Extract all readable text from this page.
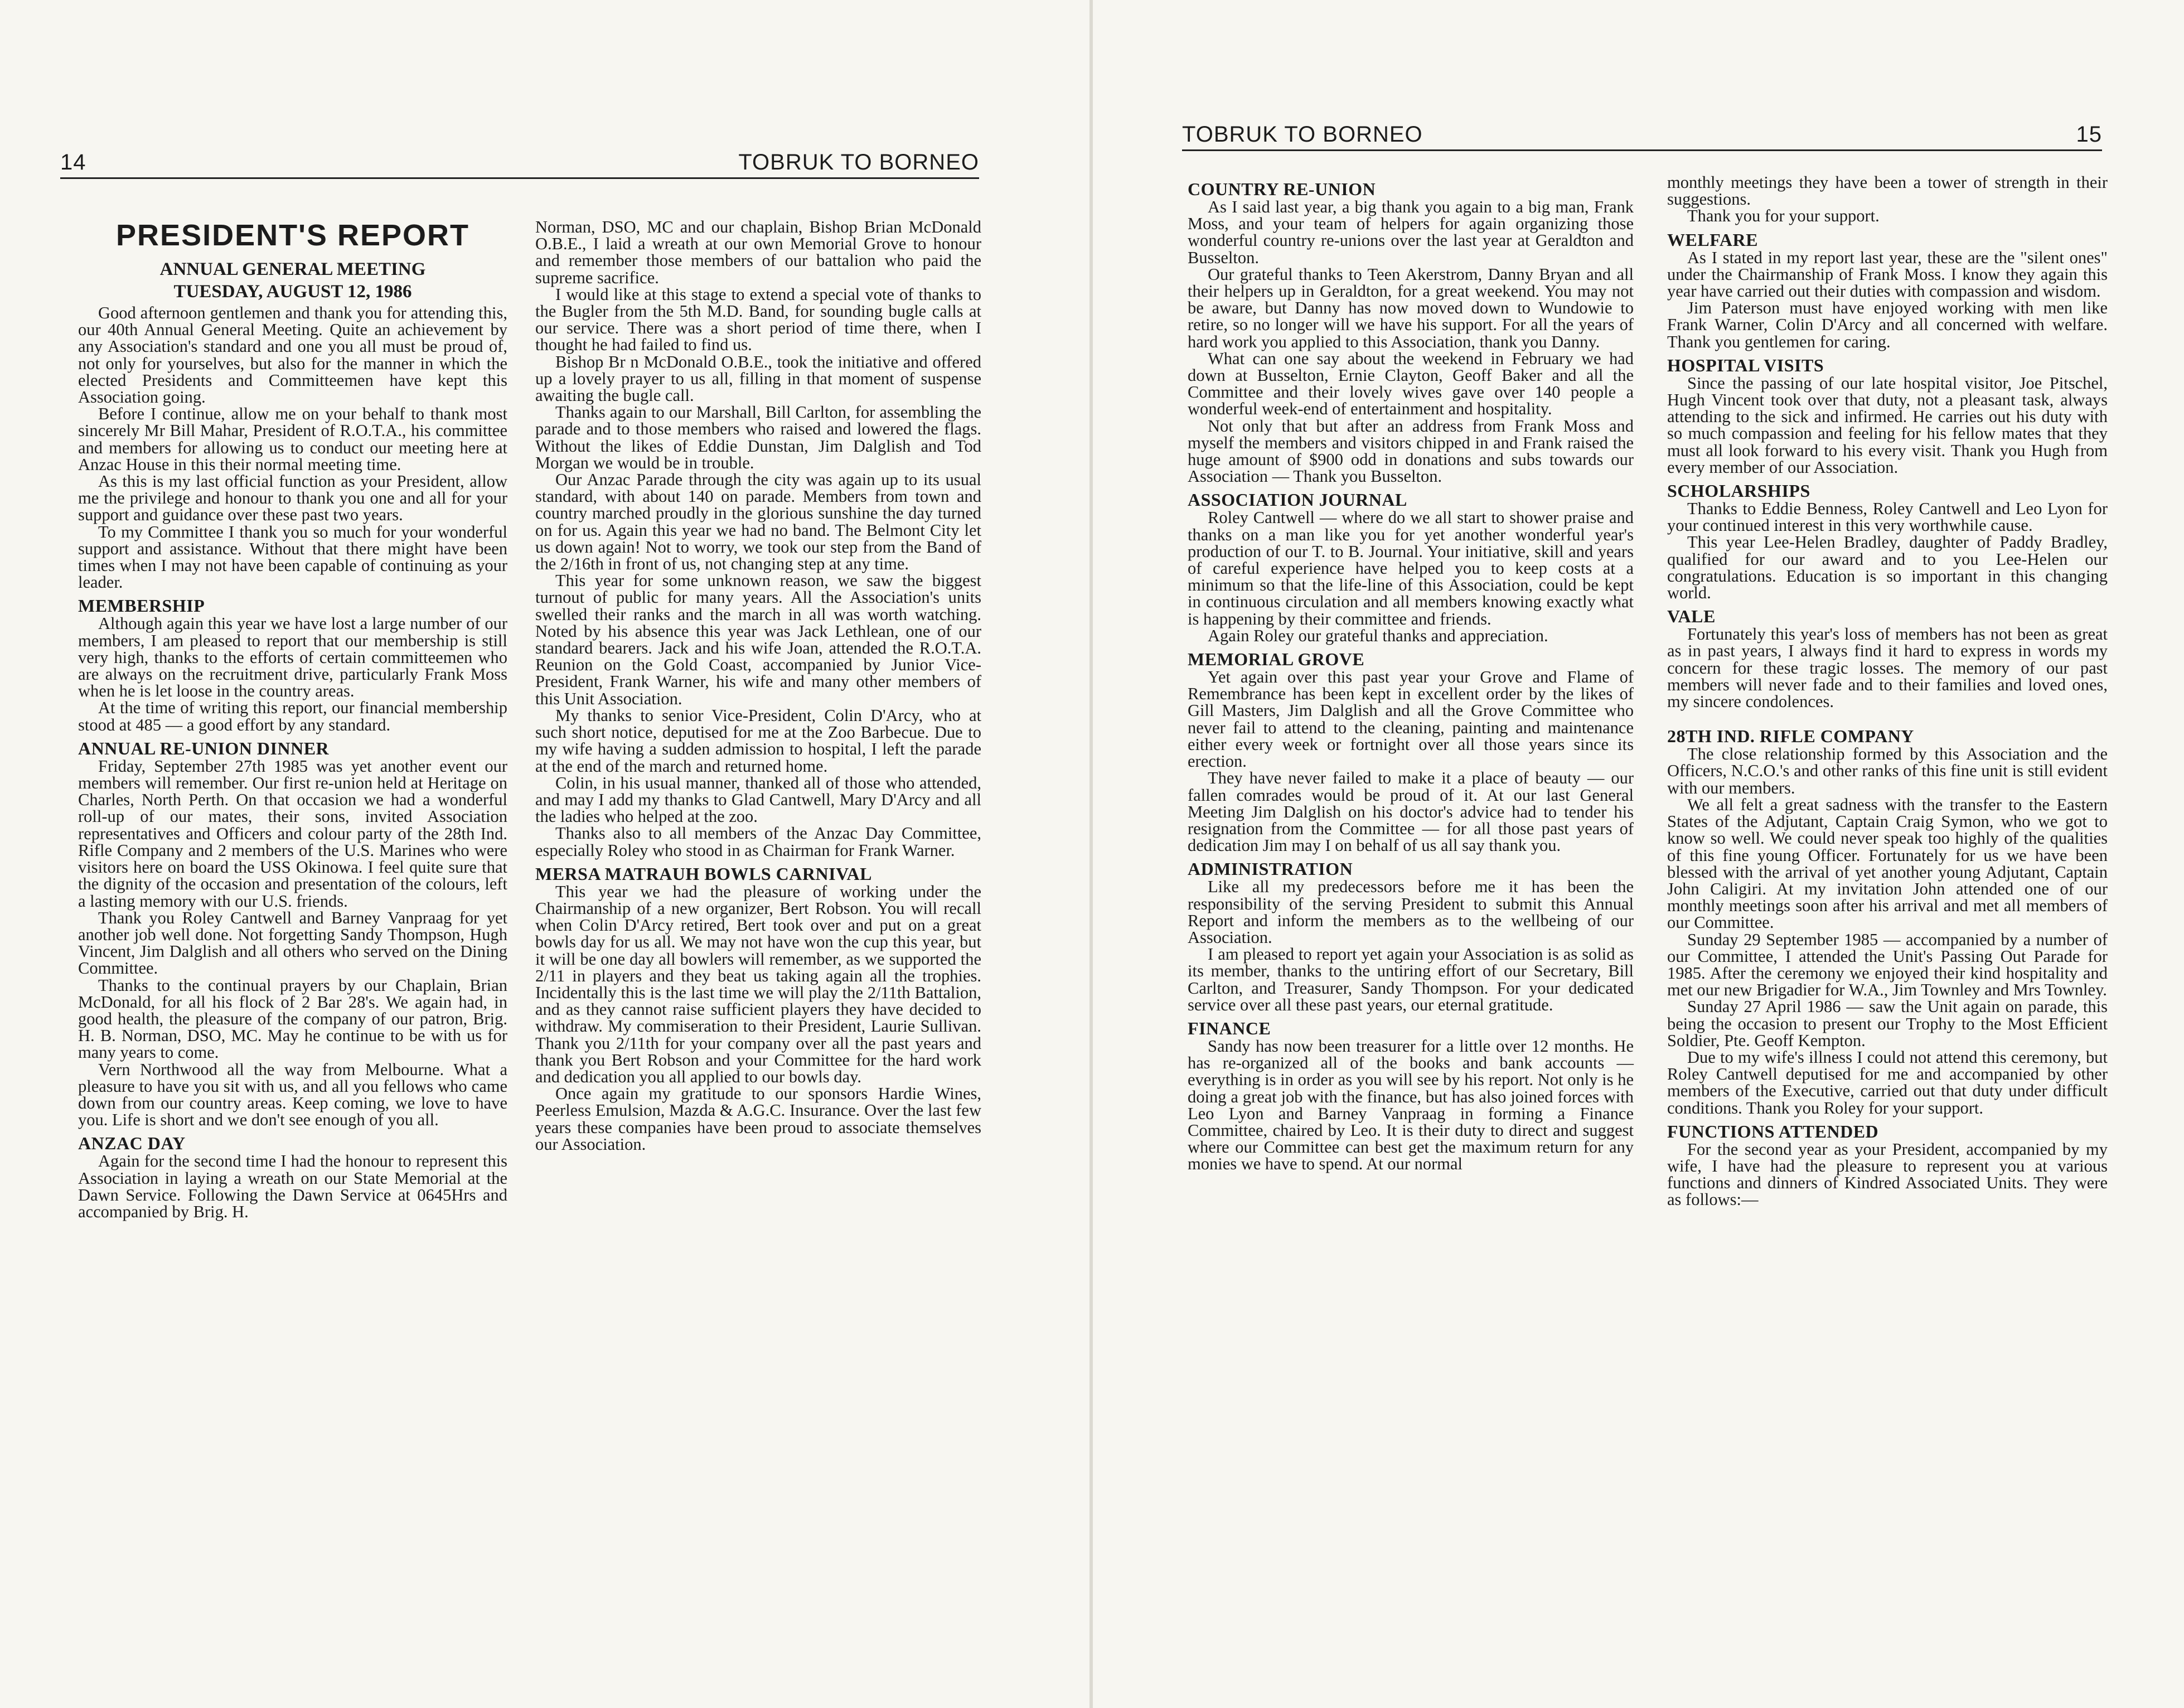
14	TOBRUK TO BORNEO
PRESIDENT'S REPORT
ANNUAL GENERAL MEETING
TUESDAY, AUGUST 12, 1986

Good afternoon gentlemen and thank you for attending this, our 40th Annual General Meeting. Quite an achievement by any Association's standard and one you all must be proud of, not only for yourselves, but also for the manner in which the elected Presidents and Committeemen have kept this Association going.

Before I continue, allow me on your behalf to thank most sincerely Mr Bill Mahar, President of R.O.T.A., his committee and members for allowing us to conduct our meeting here at Anzac House in this their normal meeting time.

As this is my last official function as your President, allow me the privilege and honour to thank you one and all for your support and guidance over these past two years.

To my Committee I thank you so much for your wonderful support and assistance. Without that there might have been times when I may not have been capable of continuing as your leader.

MEMBERSHIP

Although again this year we have lost a large number of our members, I am pleased to report that our membership is still very high, thanks to the efforts of certain committeemen who are always on the recruitment drive, particularly Frank Moss when he is let loose in the country areas.

At the time of writing this report, our financial membership stood at 485 — a good effort by any standard.

ANNUAL RE-UNION DINNER

Friday, September 27th 1985 was yet another event our members will remember. Our first re-union held at Heritage on Charles, North Perth. On that occasion we had a wonderful roll-up of our mates, their sons, invited Association representatives and Officers and colour party of the 28th Ind. Rifle Company and 2 members of the U.S. Marines who were visitors here on board the USS Okinowa. I feel quite sure that the dignity of the occasion and presentation of the colours, left a lasting memory with our U.S. friends.

Thank you Roley Cantwell and Barney Vanpraag for yet another job well done. Not forgetting Sandy Thompson, Hugh Vincent, Jim Dalglish and all others who served on the Dining Committee.

Thanks to the continual prayers by our Chaplain, Brian McDonald, for all his flock of 2 Bar 28's. We again had, in good health, the pleasure of the company of our patron, Brig. H. B. Norman, DSO, MC. May he continue to be with us for many years to come.

Vern Northwood all the way from Melbourne. What a pleasure to have you sit with us, and all you fellows who came down from our country areas. Keep coming, we love to have you. Life is short and we don't see enough of you all.

ANZAC DAY

Again for the second time I had the honour to represent this Association in laying a wreath on our State Memorial at the Dawn Service. Following the Dawn Service at 0645Hrs and accompanied by Brig. H.

Norman, DSO, MC and our chaplain, Bishop Brian McDonald O.B.E., I laid a wreath at our own Memorial Grove to honour and remember those members of our battalion who paid the supreme sacrifice.

I would like at this stage to extend a special vote of thanks to the Bugler from the 5th M.D. Band, for sounding bugle calls at our service. There was a short period of time there, when I thought he had failed to find us.

Bishop Br n McDonald O.B.E., took the initiative and offered up a lovely prayer to us all, filling in that moment of suspense awaiting the bugle call.

Thanks again to our Marshall, Bill Carlton, for assembling the parade and to those members who raised and lowered the flags. Without the likes of Eddie Dunstan, Jim Dalglish and Tod Morgan we would be in trouble.

Our Anzac Parade through the city was again up to its usual standard, with about 140 on parade. Members from town and country marched proudly in the glorious sunshine the day turned on for us. Again this year we had no band. The Belmont City let us down again! Not to worry, we took our step from the Band of the 2/16th in front of us, not changing step at any time.

This year for some unknown reason, we saw the biggest turnout of public for many years. All the Association's units swelled their ranks and the march in all was worth watching. Noted by his absence this year was Jack Lethlean, one of our standard bearers. Jack and his wife Joan, attended the R.O.T.A. Reunion on the Gold Coast, accompanied by Junior Vice-President, Frank Warner, his wife and many other members of this Unit Association.

My thanks to senior Vice-President, Colin D'Arcy, who at such short notice, deputised for me at the Zoo Barbecue. Due to my wife having a sudden admission to hospital, I left the parade at the end of the march and returned home.

Colin, in his usual manner, thanked all of those who attended, and may I add my thanks to Glad Cantwell, Mary D'Arcy and all the ladies who helped at the zoo.

Thanks also to all members of the Anzac Day Committee, especially Roley who stood in as Chairman for Frank Warner.

MERSA MATRAUH BOWLS CARNIVAL

This year we had the pleasure of working under the Chairmanship of a new organizer, Bert Robson. You will recall when Colin D'Arcy retired, Bert took over and put on a great bowls day for us all. We may not have won the cup this year, but it will be one day all bowlers will remember, as we supported the 2/11 in players and they beat us taking again all the trophies. Incidentally this is the last time we will play the 2/11th Battalion, and as they cannot raise sufficient players they have decided to withdraw. My commiseration to their President, Laurie Sullivan. Thank you 2/11th for your company over all the past years and thank you Bert Robson and your Committee for the hard work and dedication you all applied to our bowls day.

Once again my gratitude to our sponsors Hardie Wines, Peerless Emulsion, Mazda & A.G.C. Insurance. Over the last few years these companies have been proud to associate themselves our Association.

TOBRUK TO BORNEO	15
COUNTRY RE-UNION

As I said last year, a big thank you again to a big man, Frank Moss, and your team of helpers for again organizing those wonderful country re-unions over the last year at Geraldton and Busselton.

Our grateful thanks to Teen Akerstrom, Danny Bryan and all their helpers up in Geraldton, for a great weekend. You may not be aware, but Danny has now moved down to Wundowie to retire, so no longer will we have his support. For all the years of hard work you applied to this Association, thank you Danny.

What can one say about the weekend in February we had down at Busselton, Ernie Clayton, Geoff Baker and all the Committee and their lovely wives gave over 140 people a wonderful week-end of entertainment and hospitality.

Not only that but after an address from Frank Moss and myself the members and visitors chipped in and Frank raised the huge amount of $900 odd in donations and subs towards our Association — Thank you Busselton.

ASSOCIATION JOURNAL

Roley Cantwell — where do we all start to shower praise and thanks on a man like you for yet another wonderful year's production of our T. to B. Journal. Your initiative, skill and years of careful experience have helped you to keep costs at a minimum so that the life-line of this Association, could be kept in continuous circulation and all members knowing exactly what is happening by their committee and friends.

Again Roley our grateful thanks and appreciation.

MEMORIAL GROVE

Yet again over this past year your Grove and Flame of Remembrance has been kept in excellent order by the likes of Gill Masters, Jim Dalglish and all the Grove Committee who never fail to attend to the cleaning, painting and maintenance either every week or fortnight over all those years since its erection.

They have never failed to make it a place of beauty — our fallen comrades would be proud of it. At our last General Meeting Jim Dalglish on his doctor's advice had to tender his resignation from the Committee — for all those past years of dedication Jim may I on behalf of us all say thank you.

ADMINISTRATION

Like all my predecessors before me it has been the responsibility of the serving President to submit this Annual Report and inform the members as to the wellbeing of our Association.

I am pleased to report yet again your Association is as solid as its member, thanks to the untiring effort of our Secretary, Bill Carlton, and Treasurer, Sandy Thompson. For your dedicated service over all these past years, our eternal gratitude.

FINANCE

Sandy has now been treasurer for a little over 12 months. He has re-organized all of the books and bank accounts — everything is in order as you will see by his report. Not only is he doing a great job with the finance, but has also joined forces with Leo Lyon and Barney Vanpraag in forming a Finance Committee, chaired by Leo. It is their duty to direct and suggest where our Committee can best get the maximum return for any monies we have to spend. At our normal

monthly meetings they have been a tower of strength in their suggestions.

Thank you for your support.

WELFARE

As I stated in my report last year, these are the "silent ones" under the Chairmanship of Frank Moss. I know they again this year have carried out their duties with compassion and wisdom.

Jim Paterson must have enjoyed working with men like Frank Warner, Colin D'Arcy and all concerned with welfare. Thank you gentlemen for caring.

HOSPITAL VISITS

Since the passing of our late hospital visitor, Joe Pitschel, Hugh Vincent took over that duty, not a pleasant task, always attending to the sick and infirmed. He carries out his duty with so much compassion and feeling for his fellow mates that they must all look forward to his every visit. Thank you Hugh from every member of our Association.

SCHOLARSHIPS

Thanks to Eddie Benness, Roley Cantwell and Leo Lyon for your continued interest in this very worthwhile cause.

This year Lee-Helen Bradley, daughter of Paddy Bradley, qualified for our award and to you Lee-Helen our congratulations. Education is so important in this changing world.

VALE

Fortunately this year's loss of members has not been as great as in past years, I always find it hard to express in words my concern for these tragic losses. The memory of our past members will never fade and to their families and loved ones, my sincere condolences.

28TH IND. RIFLE COMPANY

The close relationship formed by this Association and the Officers, N.C.O.'s and other ranks of this fine unit is still evident with our members.

We all felt a great sadness with the transfer to the Eastern States of the Adjutant, Captain Craig Symon, who we got to know so well. We could never speak too highly of the qualities of this fine young Officer. Fortunately for us we have been blessed with the arrival of yet another young Adjutant, Captain John Caligiri. At my invitation John attended one of our monthly meetings soon after his arrival and met all members of our Committee.

Sunday 29 September 1985 — accompanied by a number of our Committee, I attended the Unit's Passing Out Parade for 1985. After the ceremony we enjoyed their kind hospitality and met our new Brigadier for W.A., Jim Townley and Mrs Townley.

Sunday 27 April 1986 — saw the Unit again on parade, this being the occasion to present our Trophy to the Most Efficient Soldier, Pte. Geoff Kempton.

Due to my wife's illness I could not attend this ceremony, but Roley Cantwell deputised for me and accompanied by other members of the Executive, carried out that duty under difficult conditions. Thank you Roley for your support.

FUNCTIONS ATTENDED

For the second year as your President, accompanied by my wife, I have had the pleasure to represent you at various functions and dinners of Kindred Associated Units. They were as follows:—
